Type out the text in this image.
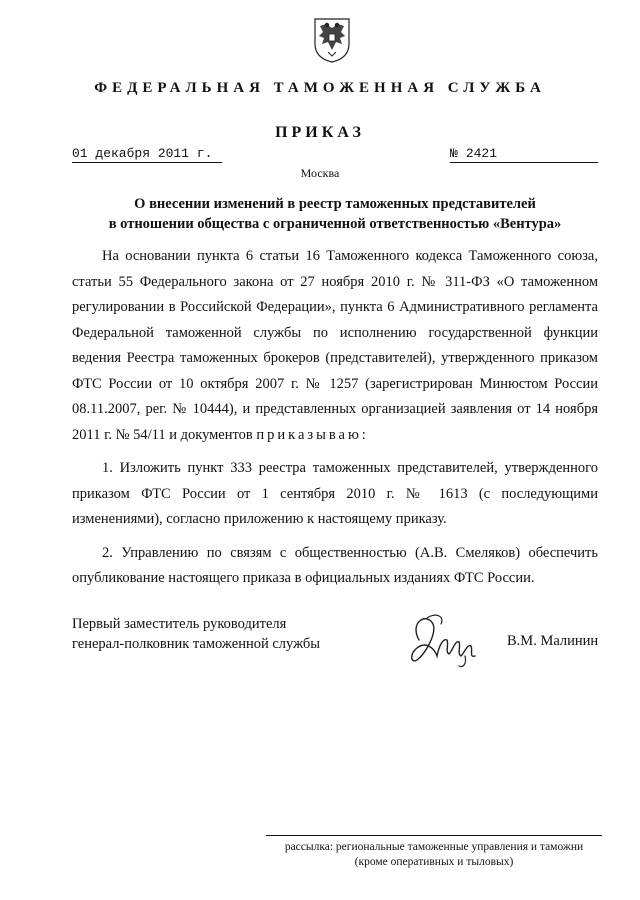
ФЕДЕРАЛЬНАЯ ТАМОЖЕННАЯ СЛУЖБА
ПРИКАЗ
01 декабря 2011 г.	№ 2421
Москва
О внесении изменений в реестр таможенных представителей
в отношении общества с ограниченной ответственностью «Вентура»

На основании пункта 6 статьи 16 Таможенного кодекса Таможенного союза, статьи 55 Федерального закона от 27 ноября 2010 г. № 311-ФЗ «О таможенном регулировании в Российской Федерации», пункта 6 Административного регламента Федеральной таможенной службы по исполнению государственной функции ведения Реестра таможенных брокеров (представителей), утвержденного приказом ФТС России от 10 октября 2007 г. № 1257 (зарегистрирован Минюстом России 08.11.2007, рег. № 10444), и представленных организацией заявления от 14 ноября 2011 г. № 54/11 и документов приказываю:

1. Изложить пункт 333 реестра таможенных представителей, утвержденного приказом ФТС России от 1 сентября 2010 г. № 1613 (с последующими изменениями), согласно приложению к настоящему приказу.

2. Управлению по связям с общественностью (А.В. Смеляков) обеспечить опубликование настоящего приказа в официальных изданиях ФТС России.

Первый заместитель руководителя
генерал-полковник таможенной службы	В.М. Малинин
рассылка: региональные таможенные управления и таможни
(кроме оперативных и тыловых)
